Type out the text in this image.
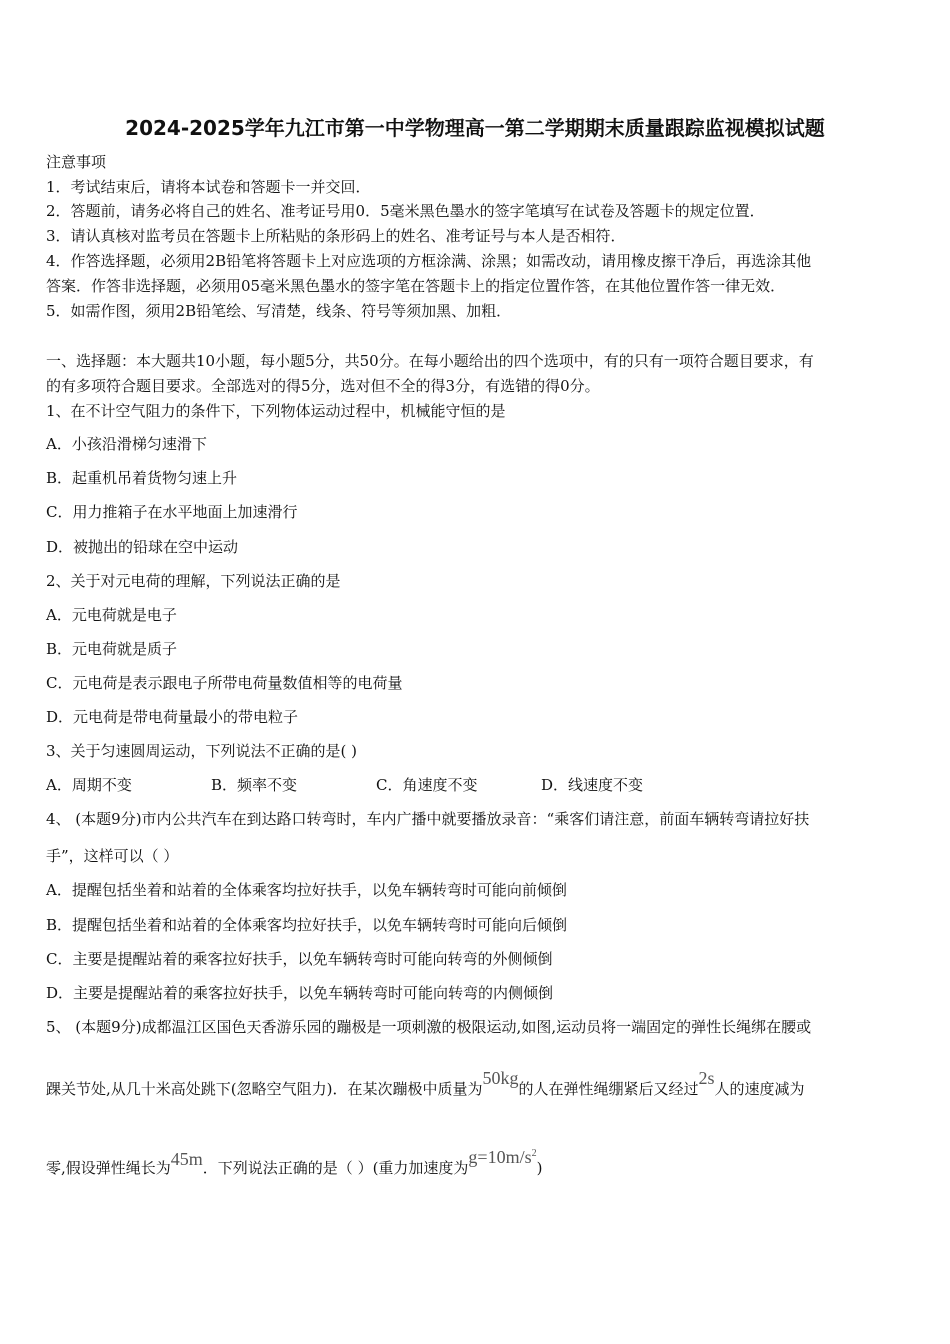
2024-2025学年九江市第一中学物理高一第二学期期末质量跟踪监视模拟试题
注意事项
1．考试结束后，请将本试卷和答题卡一并交回．
2．答题前，请务必将自己的姓名、准考证号用0．5毫米黑色墨水的签字笔填写在试卷及答题卡的规定位置．
3．请认真核对监考员在答题卡上所粘贴的条形码上的姓名、准考证号与本人是否相符．
4．作答选择题，必须用2B铅笔将答题卡上对应选项的方框涂满、涂黑；如需改动，请用橡皮擦干净后，再选涂其他
答案．作答非选择题，必须用05毫米黑色墨水的签字笔在答题卡上的指定位置作答，在其他位置作答一律无效．
5．如需作图，须用2B铅笔绘、写清楚，线条、符号等须加黑、加粗．
一、选择题：本大题共10小题，每小题5分，共50分。在每小题给出的四个选项中，有的只有一项符合题目要求，有
的有多项符合题目要求。全部选对的得5分，选对但不全的得3分，有选错的得0分。
1、在不计空气阻力的条件下，下列物体运动过程中，机械能守恒的是
A．小孩沿滑梯匀速滑下
B．起重机吊着货物匀速上升
C．用力推箱子在水平地面上加速滑行
D．被抛出的铅球在空中运动
2、关于对元电荷的理解，下列说法正确的是
A．元电荷就是电子
B．元电荷就是质子
C．元电荷是表示跟电子所带电荷量数值相等的电荷量
D．元电荷是带电荷量最小的带电粒子
3、关于匀速圆周运动，下列说法不正确的是( )
A．周期不变	B．频率不变	C．角速度不变	D．线速度不变
4、 (本题9分)市内公共汽车在到达路口转弯时，车内广播中就要播放录音：“乘客们请注意，前面车辆转弯请拉好扶
手”，这样可以（ ）
A．提醒包括坐着和站着的全体乘客均拉好扶手，以免车辆转弯时可能向前倾倒
B．提醒包括坐着和站着的全体乘客均拉好扶手，以免车辆转弯时可能向后倾倒
C．主要是提醒站着的乘客拉好扶手，以免车辆转弯时可能向转弯的外侧倾倒
D．主要是提醒站着的乘客拉好扶手，以免车辆转弯时可能向转弯的内侧倾倒
5、 (本题9分)成都温江区国色天香游乐园的蹦极是一项刺激的极限运动,如图,运动员将一端固定的弹性长绳绑在腰或
踝关节处,从几十米高处跳下(忽略空气阻力)．在某次蹦极中质量为50kg的人在弹性绳绷紧后又经过2s人的速度减为
零,假设弹性绳长为45m．下列说法正确的是（ ）(重力加速度为$g=10m/s^2$)
